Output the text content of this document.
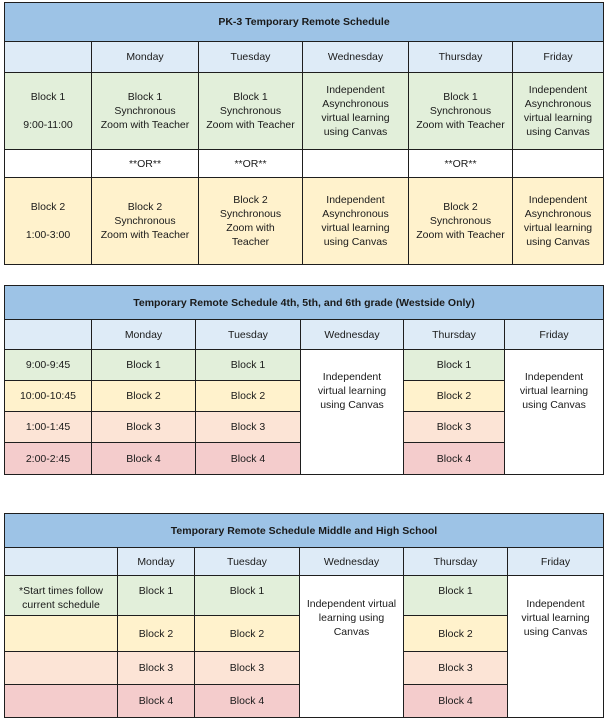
PK-3 Temporary Remote Schedule					
	Monday	Tuesday	Wednesday	Thursday	Friday
Block 1

9:00-11:00	Block 1
Synchronous
Zoom with Teacher	Block 1
Synchronous
Zoom with Teacher	Independent
Asynchronous
virtual learning
using Canvas	Block 1
Synchronous
Zoom with Teacher	Independent
Asynchronous
virtual learning
using Canvas
	**OR**	**OR**		**OR**	
Block 2

1:00-3:00	Block 2
Synchronous
Zoom with Teacher	Block 2
Synchronous
Zoom with
Teacher	Independent
Asynchronous
virtual learning
using Canvas	Block 2
Synchronous
Zoom with Teacher	Independent
Asynchronous
virtual learning
using Canvas
Temporary Remote Schedule 4th, 5th, and 6th grade (Westside Only)					
	Monday	Tuesday	Wednesday	Thursday	Friday
9:00-9:45	Block 1	Block 1	Independent
virtual learning
using Canvas	Block 1	Independent
virtual learning
using Canvas
10:00-10:45	Block 2	Block 2		Block 2	
1:00-1:45	Block 3	Block 3		Block 3	
2:00-2:45	Block 4	Block 4		Block 4	
Temporary Remote Schedule Middle and High School					
	Monday	Tuesday	Wednesday	Thursday	Friday
*Start times follow
current schedule	Block 1	Block 1	Independent virtual
learning using
Canvas	Block 1	Independent
virtual learning
using Canvas
	Block 2	Block 2		Block 2	
	Block 3	Block 3		Block 3	
	Block 4	Block 4		Block 4	
